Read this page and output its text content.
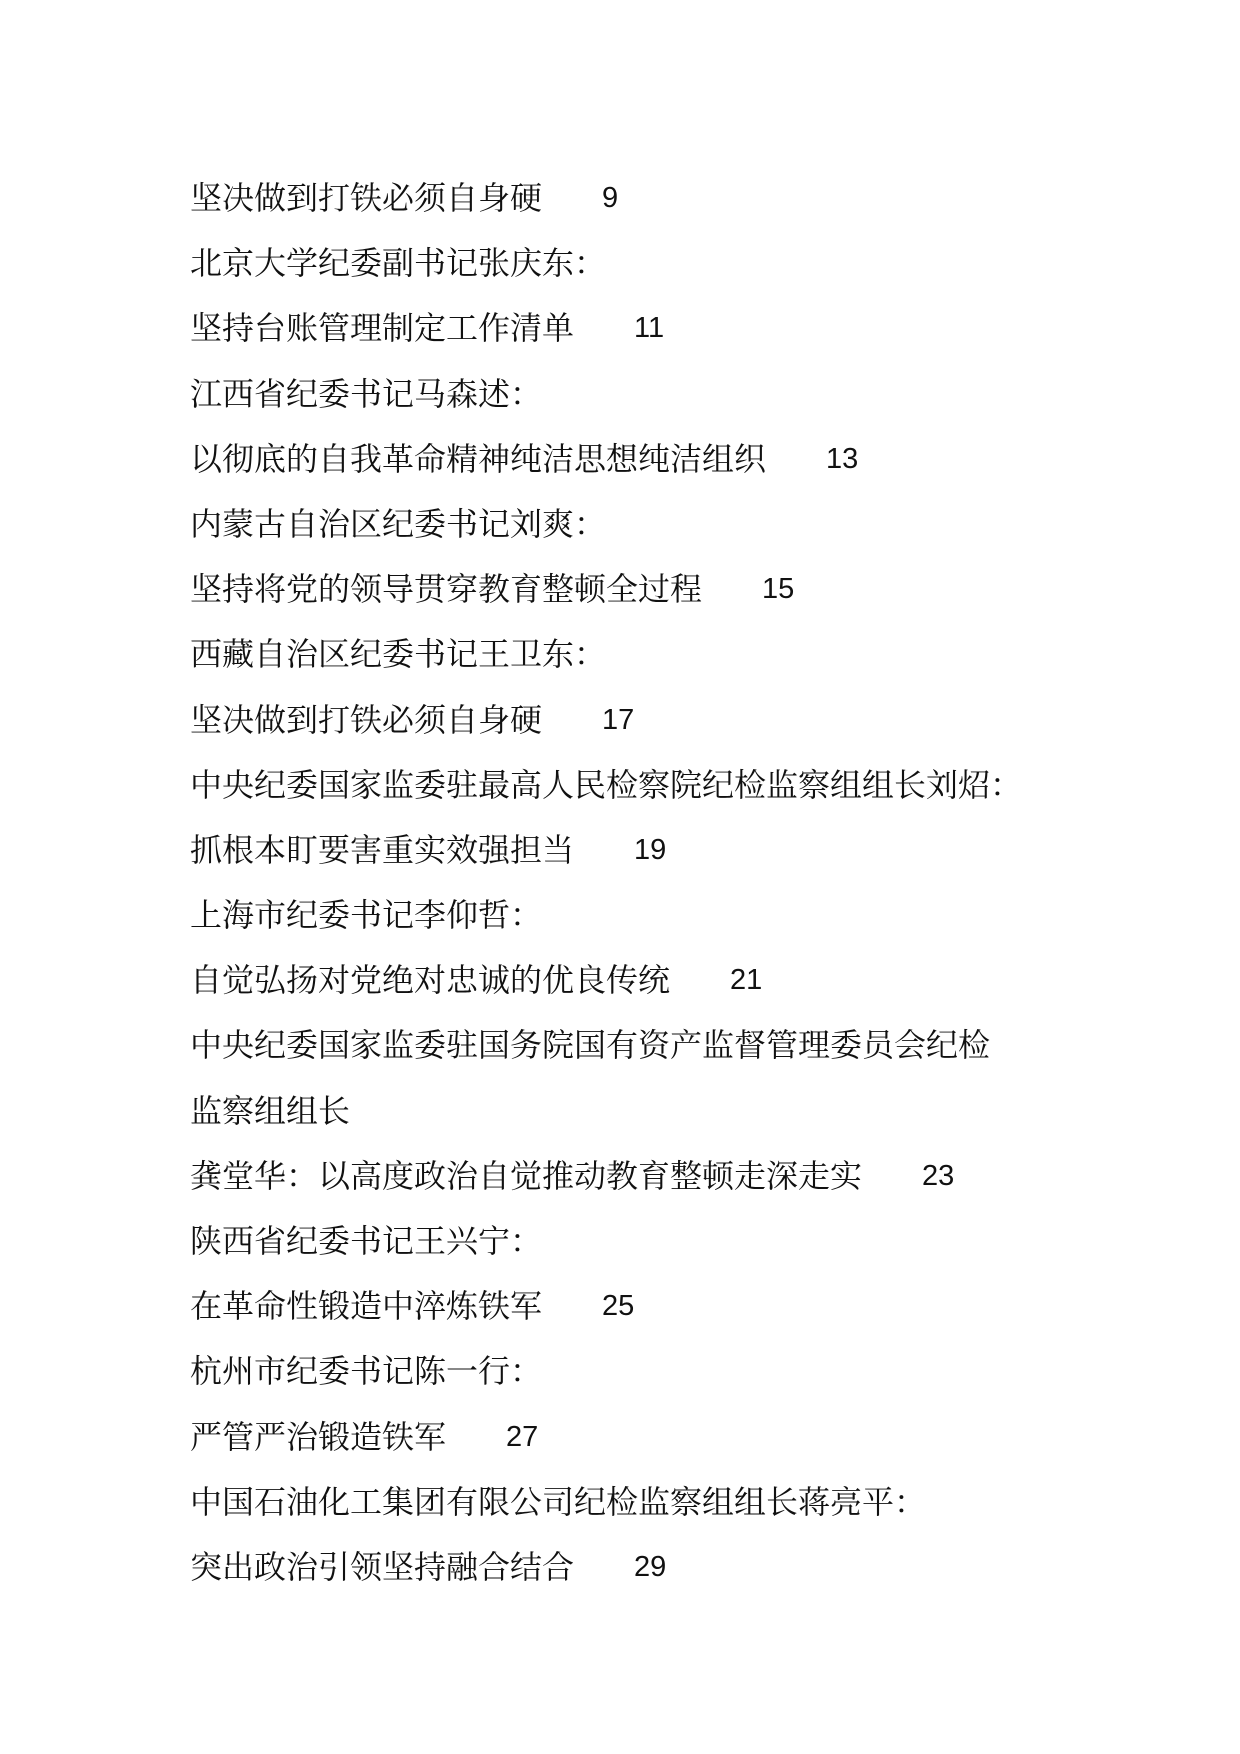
坚决做到打铁必须自身硬 9
北京大学纪委副书记张庆东：
坚持台账管理制定工作清单 11
江西省纪委书记马森述：
以彻底的自我革命精神纯洁思想纯洁组织 13
内蒙古自治区纪委书记刘爽：
坚持将党的领导贯穿教育整顿全过程 15
西藏自治区纪委书记王卫东：
坚决做到打铁必须自身硬 17
中央纪委国家监委驻最高人民检察院纪检监察组组长刘炤：
抓根本盯要害重实效强担当 19
上海市纪委书记李仰哲：
自觉弘扬对党绝对忠诚的优良传统 21
中央纪委国家监委驻国务院国有资产监督管理委员会纪检
监察组组长
龚堂华：以高度政治自觉推动教育整顿走深走实 23
陕西省纪委书记王兴宁：
在革命性锻造中淬炼铁军 25
杭州市纪委书记陈一行：
严管严治锻造铁军 27
中国石油化工集团有限公司纪检监察组组长蒋亮平：
突出政治引领坚持融合结合 29
